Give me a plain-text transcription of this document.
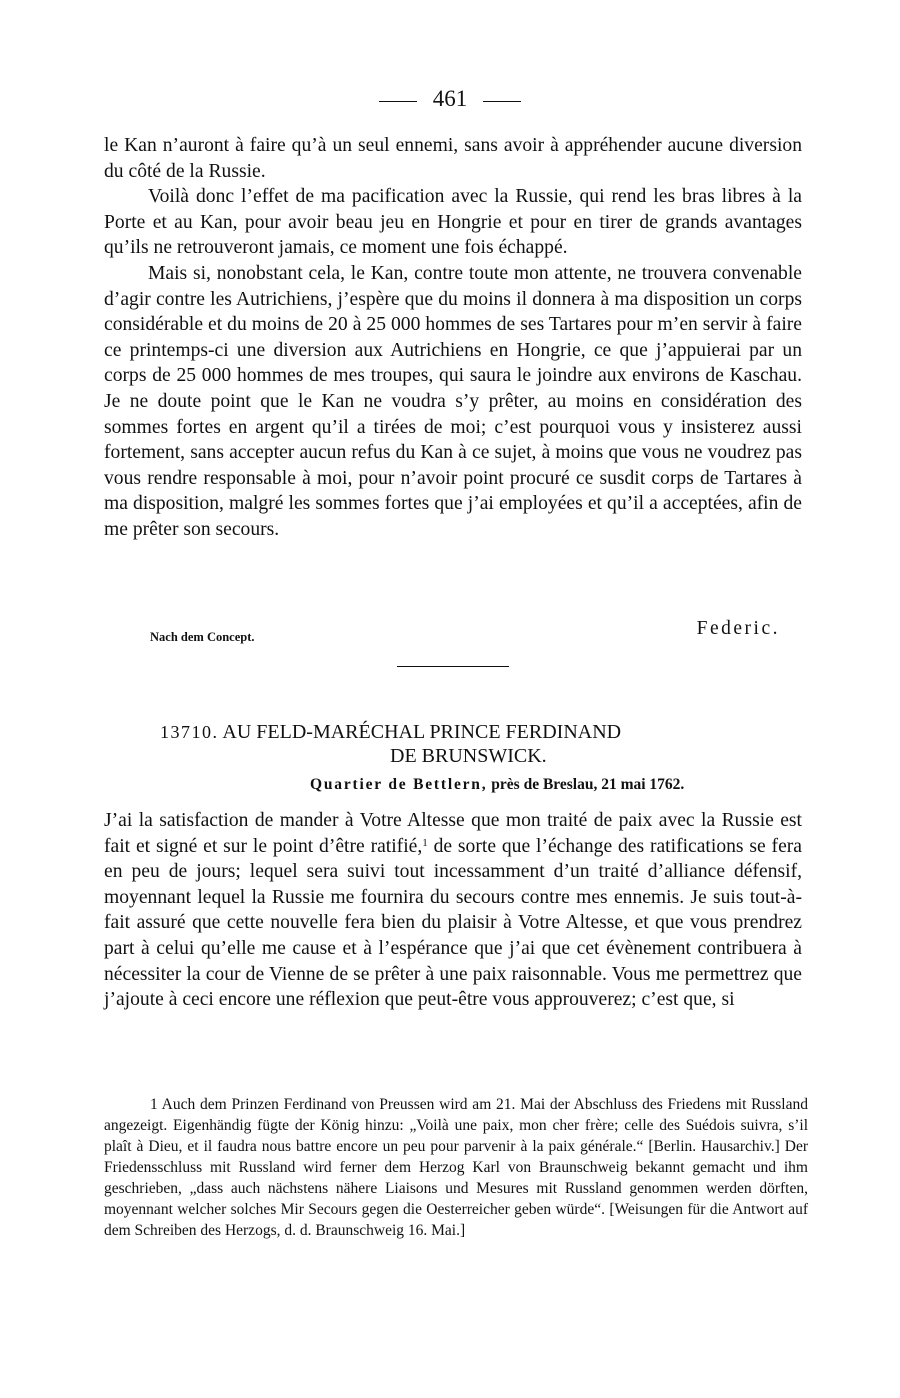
461

le Kan n’auront à faire qu’à un seul ennemi, sans avoir à appréhender aucune diversion du côté de la Russie.

Voilà donc l’effet de ma pacification avec la Russie, qui rend les bras libres à la Porte et au Kan, pour avoir beau jeu en Hongrie et pour en tirer de grands avantages qu’ils ne retrouveront jamais, ce moment une fois échappé.

Mais si, nonobstant cela, le Kan, contre toute mon attente, ne trouvera convenable d’agir contre les Autrichiens, j’espère que du moins il donnera à ma disposition un corps considérable et du moins de 20 à 25 000 hommes de ses Tartares pour m’en servir à faire ce printemps-ci une diversion aux Autrichiens en Hongrie, ce que j’appuierai par un corps de 25 000 hommes de mes troupes, qui saura le joindre aux environs de Kaschau. Je ne doute point que le Kan ne voudra s’y prêter, au moins en considération des sommes fortes en argent qu’il a tirées de moi; c’est pourquoi vous y insisterez aussi fortement, sans accepter aucun refus du Kan à ce sujet, à moins que vous ne voudrez pas vous rendre responsable à moi, pour n’avoir point procuré ce susdit corps de Tartares à ma disposition, malgré les sommes fortes que j’ai employées et qu’il a acceptées, afin de me prêter son secours.

Nach dem Concept.	Federic.
13710. AU FELD-MARÉCHAL PRINCE FERDINAND
DE BRUNSWICK.
Quartier de Bettlern, près de Breslau, 21 mai 1762.

J’ai la satisfaction de mander à Votre Altesse que mon traité de paix avec la Russie est fait et signé et sur le point d’être ratifié,$^1$ de sorte que l’échange des ratifications se fera en peu de jours; lequel sera suivi tout incessamment d’un traité d’alliance défensif, moyennant lequel la Russie me fournira du secours contre mes ennemis. Je suis tout-à-fait assuré que cette nouvelle fera bien du plaisir à Votre Altesse, et que vous prendrez part à celui qu’elle me cause et à l’espérance que j’ai que cet évènement contribuera à nécessiter la cour de Vienne de se prêter à une paix raisonnable. Vous me permettrez que j’ajoute à ceci encore une réflexion que peut-être vous approuverez; c’est que, si

1 Auch dem Prinzen Ferdinand von Preussen wird am 21. Mai der Abschluss des Friedens mit Russland angezeigt. Eigenhändig fügte der König hinzu: „Voilà une paix, mon cher frère; celle des Suédois suivra, s’il plaît à Dieu, et il faudra nous battre encore un peu pour parvenir à la paix générale.“ [Berlin. Hausarchiv.] Der Friedensschluss mit Russland wird ferner dem Herzog Karl von Braunschweig bekannt gemacht und ihm geschrieben, „dass auch nächstens nähere Liaisons und Mesures mit Russland genommen werden dörften, moyennant welcher solches Mir Secours gegen die Oesterreicher geben würde“. [Weisungen für die Antwort auf dem Schreiben des Herzogs, d. d. Braunschweig 16. Mai.]
